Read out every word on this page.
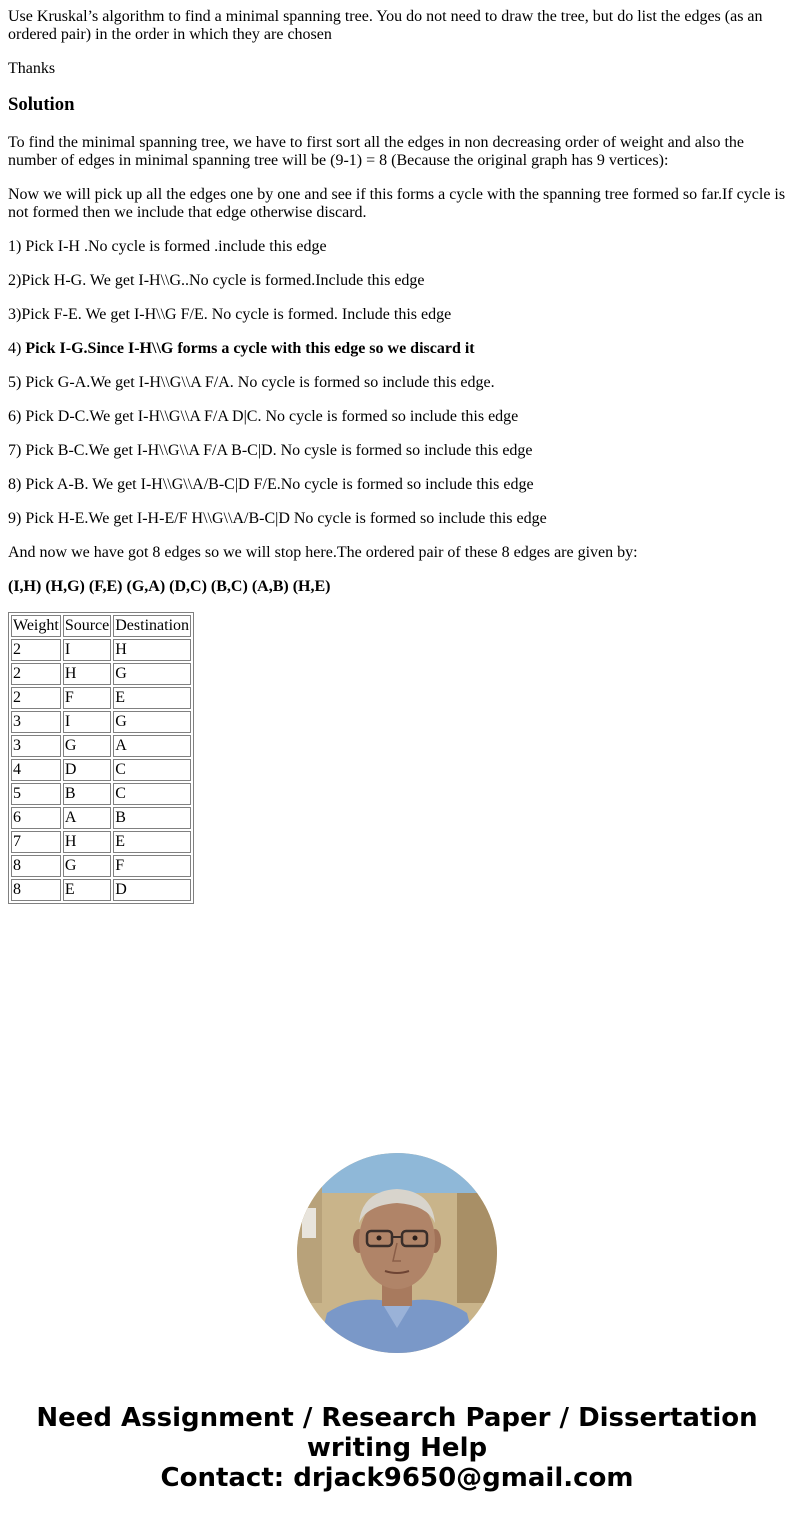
Use Kruskal’s algorithm to find a minimal spanning tree. You do not need to draw the tree, but do list the edges (as an ordered pair) in the order in which they are chosen

Thanks

Solution

To find the minimal spanning tree, we have to first sort all the edges in non decreasing order of weight and also the number of edges in minimal spanning tree will be (9-1) = 8 (Because the original graph has 9 vertices):

Now we will pick up all the edges one by one and see if this forms a cycle with the spanning tree formed so far.If cycle is not formed then we include that edge otherwise discard.

1) Pick I-H .No cycle is formed .include this edge

2)Pick H-G. We get I-H\\G..No cycle is formed.Include this edge

3)Pick F-E. We get I-H\\G F/E. No cycle is formed. Include this edge

4) Pick I-G.Since I-H\\G forms a cycle with this edge so we discard it

5) Pick G-A.We get I-H\\G\\A F/A. No cycle is formed so include this edge.

6) Pick D-C.We get I-H\\G\\A F/A D|C. No cycle is formed so include this edge

7) Pick B-C.We get I-H\\G\\A F/A B-C|D. No cysle is formed so include this edge

8) Pick A-B. We get I-H\\G\\A/B-C|D F/E.No cycle is formed so include this edge

9) Pick H-E.We get I-H-E/F H\\G\\A/B-C|D No cycle is formed so include this edge

And now we have got 8 edges so we will stop here.The ordered pair of these 8 edges are given by:

(I,H) (H,G) (F,E) (G,A) (D,C) (B,C) (A,B) (H,E)

Weight	Source	Destination
2	I	H
2	H	G
2	F	E
3	I	G
3	G	A
4	D	C
5	B	C
6	A	B
7	H	E
8	G	F
8	E	D
Need Assignment / Research Paper / Dissertation
writing Help
Contact: drjack9650@gmail.com
